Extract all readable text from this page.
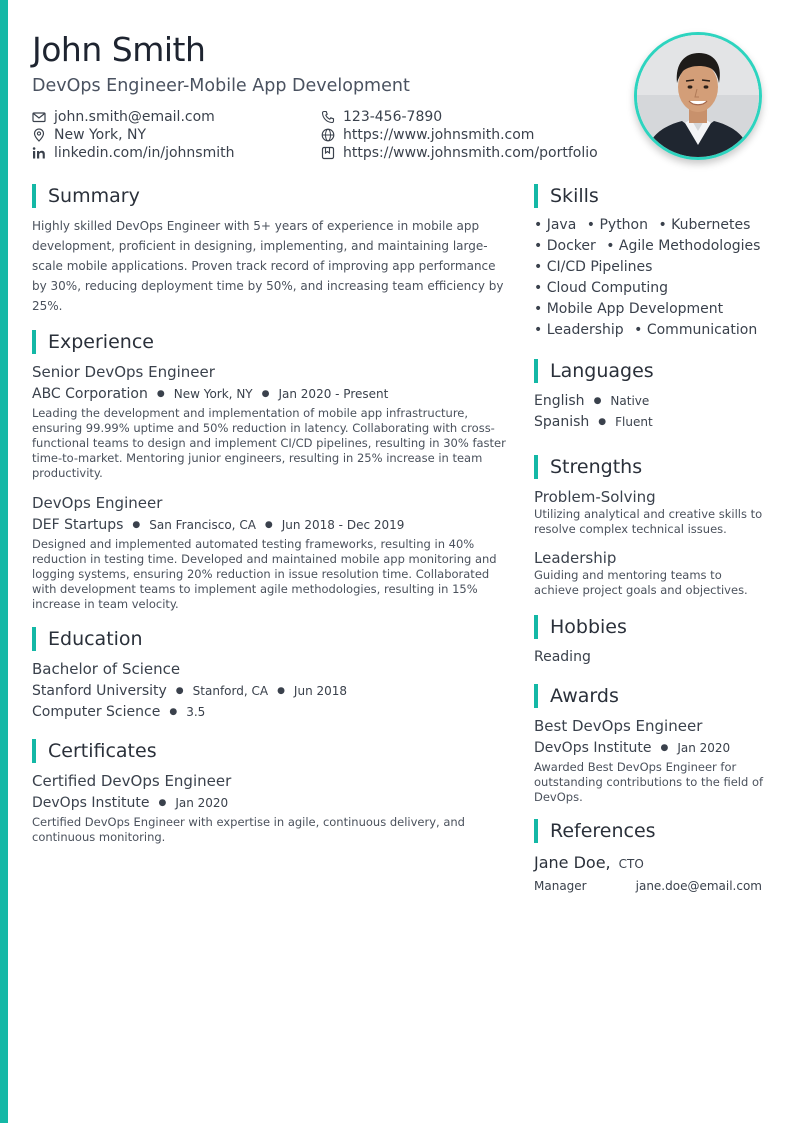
John Smith
DevOps Engineer-Mobile App Development
john.smith@email.com	123-456-7890
New York, NY	https://www.johnsmith.com
linkedin.com/in/johnsmith	https://www.johnsmith.com/portfolio
Summary

Highly skilled DevOps Engineer with 5+ years of experience in mobile app development, proficient in designing, implementing, and maintaining large-scale mobile applications. Proven track record of improving app performance by 30%, reducing deployment time by 50%, and increasing team efficiency by 25%.

Experience
Senior DevOps Engineer
ABC Corporation ● New York, NY ● Jan 2020 - Present

Leading the development and implementation of mobile app infrastructure, ensuring 99.99% uptime and 50% reduction in latency. Collaborating with cross-functional teams to design and implement CI/CD pipelines, resulting in 30% faster time-to-market. Mentoring junior engineers, resulting in 25% increase in team productivity.

DevOps Engineer
DEF Startups ● San Francisco, CA ● Jun 2018 - Dec 2019

Designed and implemented automated testing frameworks, resulting in 40% reduction in testing time. Developed and maintained mobile app monitoring and logging systems, ensuring 20% reduction in issue resolution time. Collaborated with development teams to implement agile methodologies, resulting in 15% increase in team velocity.

Education
Bachelor of Science
Stanford University ● Stanford, CA ● Jun 2018
Computer Science ● 3.5
Certificates
Certified DevOps Engineer
DevOps Institute ● Jan 2020

Certified DevOps Engineer with expertise in agile, continuous delivery, and continuous monitoring.

Skills
• Java • Python • Kubernetes
• Docker • Agile Methodologies
• CI/CD Pipelines
• Cloud Computing
• Mobile App Development
• Leadership • Communication
Languages
English ● Native
Spanish ● Fluent
Strengths
Problem-Solving

Utilizing analytical and creative skills to resolve complex technical issues.

Leadership

Guiding and mentoring teams to achieve project goals and objectives.

Hobbies
Reading
Awards
Best DevOps Engineer
DevOps Institute ● Jan 2020

Awarded Best DevOps Engineer for outstanding contributions to the field of DevOps.

References
Jane Doe, CTO
Manager	jane.doe@email.com
